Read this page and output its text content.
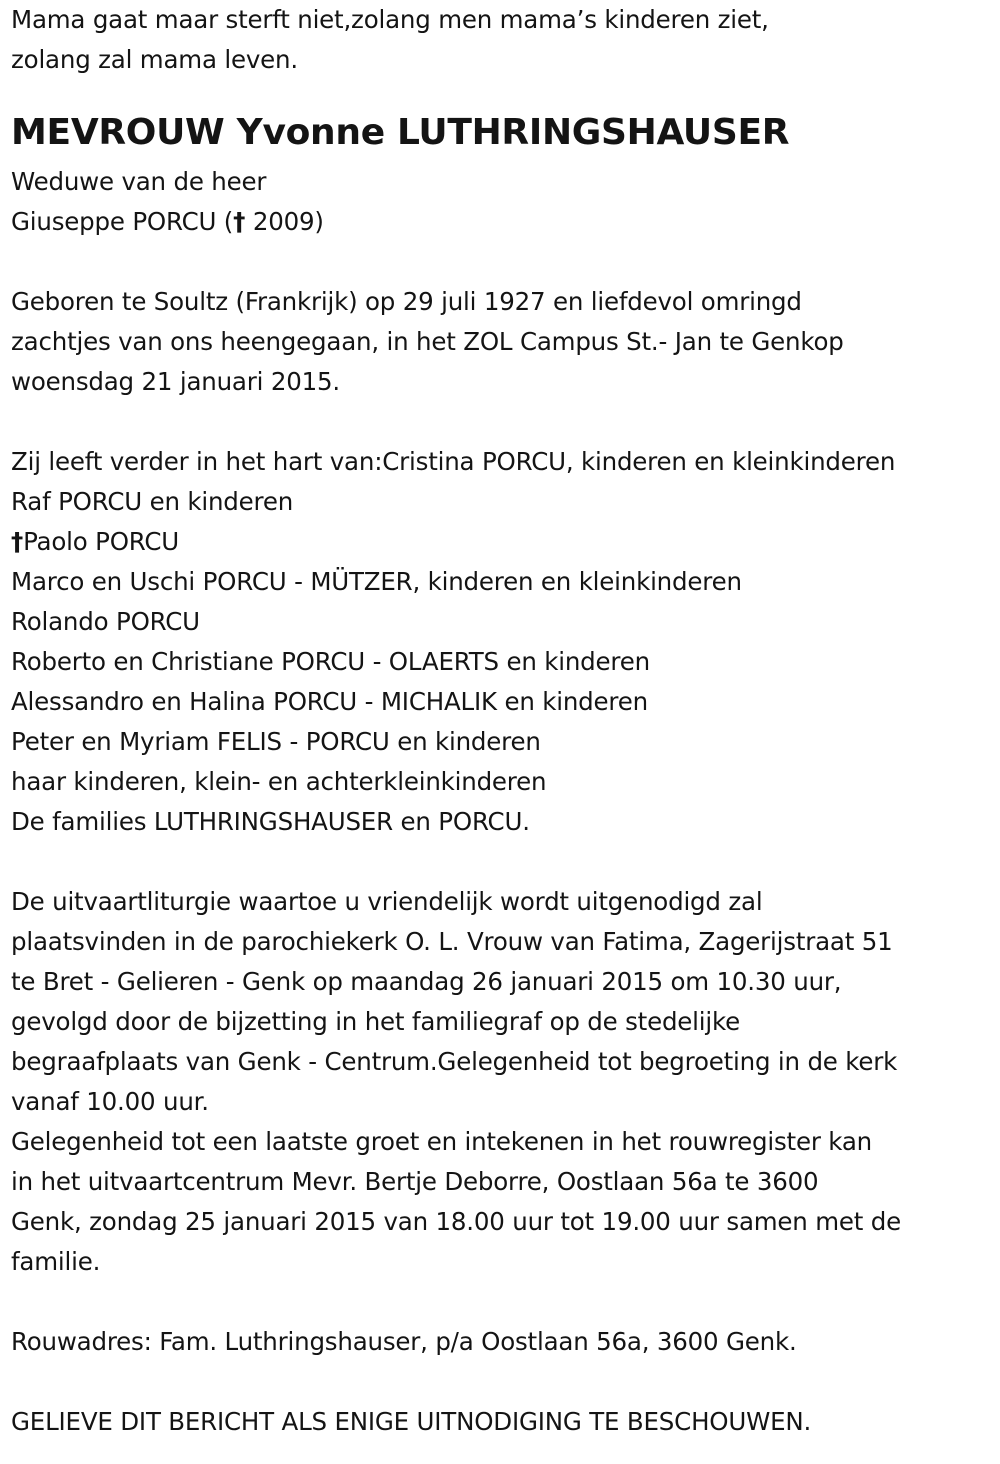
Mama gaat maar sterft niet,zolang men mama’s kinderen ziet,
zolang zal mama leven.
MEVROUW Yvonne LUTHRINGSHAUSER
Weduwe van de heer
Giuseppe PORCU († 2009)
Geboren te Soultz (Frankrijk) op 29 juli 1927 en liefdevol omringd
zachtjes van ons heengegaan, in het ZOL Campus St.- Jan te Genkop
woensdag 21 januari 2015.
Zij leeft verder in het hart van:Cristina PORCU, kinderen en kleinkinderen
Raf PORCU en kinderen
†Paolo PORCU
Marco en Uschi PORCU - MÜTZER, kinderen en kleinkinderen
Rolando PORCU
Roberto en Christiane PORCU - OLAERTS en kinderen
Alessandro en Halina PORCU - MICHALIK en kinderen
Peter en Myriam FELIS - PORCU en kinderen
haar kinderen, klein- en achterkleinkinderen
De families LUTHRINGSHAUSER en PORCU.
De uitvaartliturgie waartoe u vriendelijk wordt uitgenodigd zal
plaatsvinden in de parochiekerk O. L. Vrouw van Fatima, Zagerijstraat 51
te Bret - Gelieren - Genk op maandag 26 januari 2015 om 10.30 uur,
gevolgd door de bijzetting in het familiegraf op de stedelijke
begraafplaats van Genk - Centrum.Gelegenheid tot begroeting in de kerk
vanaf 10.00 uur.
Gelegenheid tot een laatste groet en intekenen in het rouwregister kan
in het uitvaartcentrum Mevr. Bertje Deborre, Oostlaan 56a te 3600
Genk, zondag 25 januari 2015 van 18.00 uur tot 19.00 uur samen met de
familie.
Rouwadres: Fam. Luthringshauser, p/a Oostlaan 56a, 3600 Genk.
GELIEVE DIT BERICHT ALS ENIGE UITNODIGING TE BESCHOUWEN.
